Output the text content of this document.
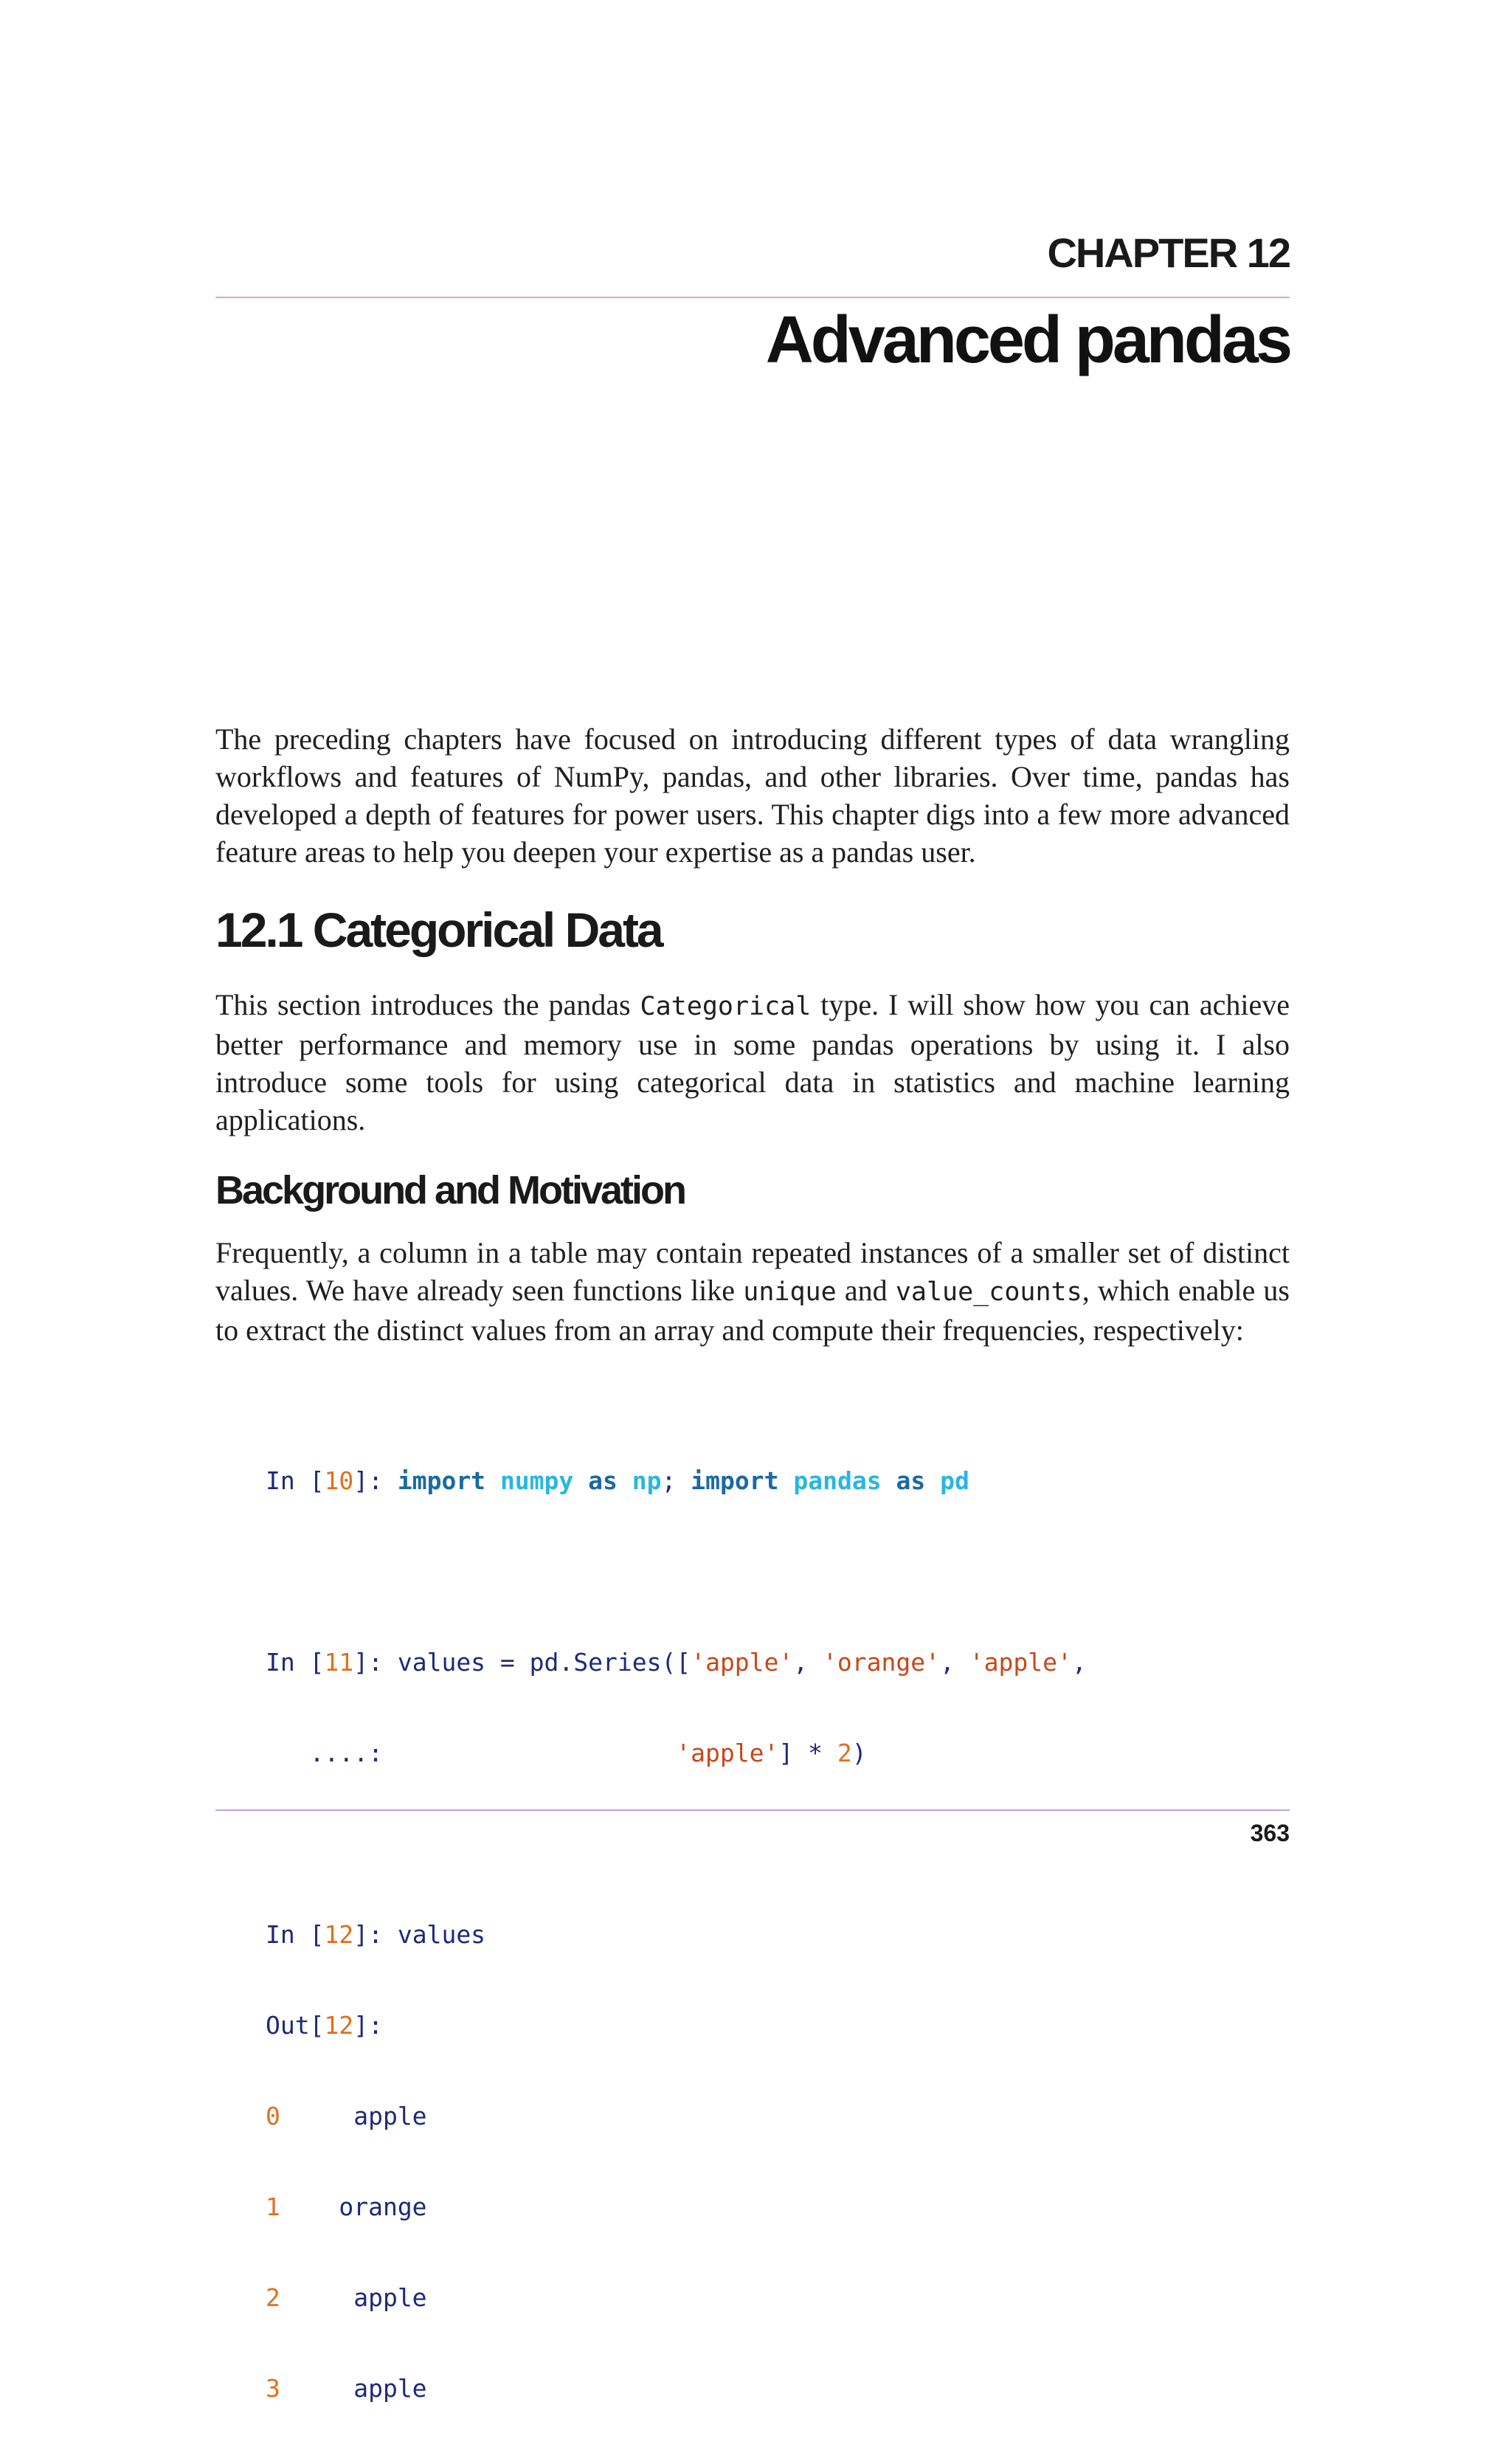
CHAPTER 12
Advanced pandas
The preceding chapters have focused on introducing different types of data wrangling workflows and features of NumPy, pandas, and other libraries. Over time, pandas has developed a depth of features for power users. This chapter digs into a few more advanced feature areas to help you deepen your expertise as a pandas user.
12.1 Categorical Data
This section introduces the pandas Categorical type. I will show how you can achieve better performance and memory use in some pandas operations by using it. I also introduce some tools for using categorical data in statistics and machine learning applications.
Background and Motivation
Frequently, a column in a table may contain repeated instances of a smaller set of distinct values. We have already seen functions like unique and value_counts, which enable us to extract the distinct values from an array and compute their frequencies, respectively:

In [10]: import numpy as np; import pandas as pd

In [11]: values = pd.Series(['apple', 'orange', 'apple',

....:                    'apple'] * 2)

In [12]: values

Out[12]:

0     apple

1    orange

2     apple

3     apple

363
